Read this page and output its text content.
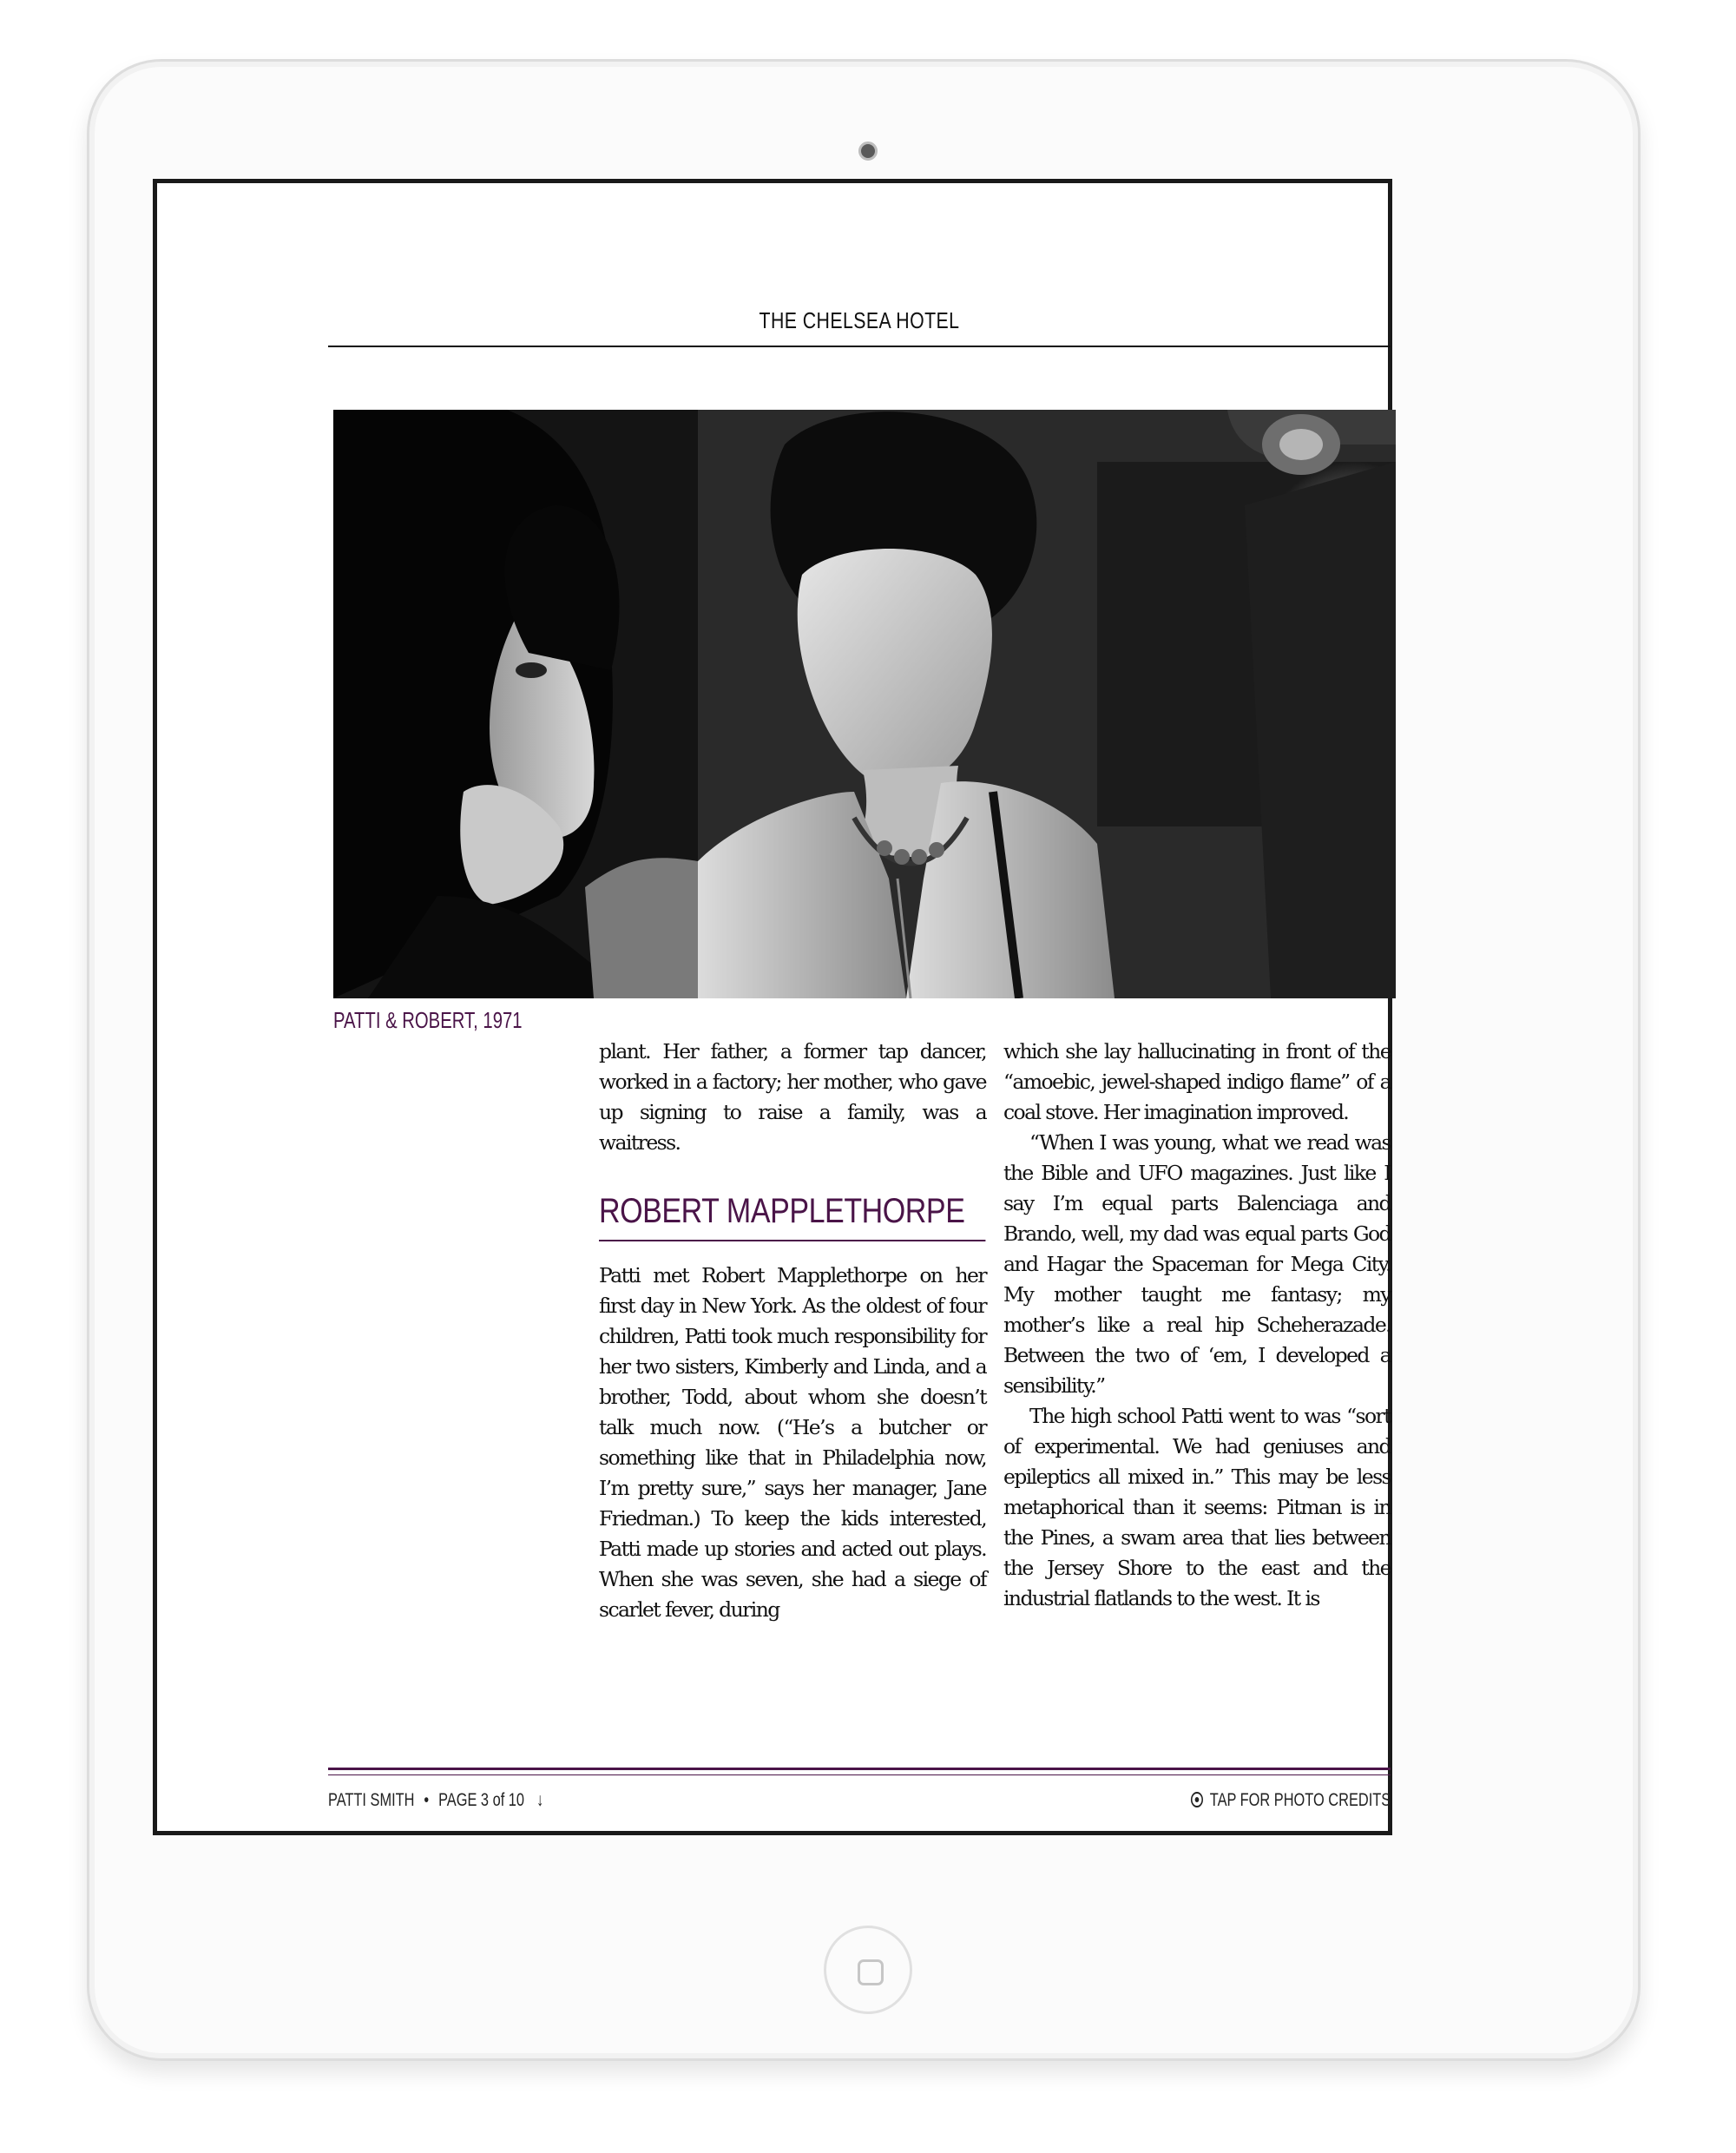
THE CHELSEA HOTEL
PATTI & ROBERT, 1971

plant. Her father, a former tap dancer, worked in a factory; her mother, who gave up signing to raise a family, was a waitress.

ROBERT MAPPLETHORPE

Patti met Robert Mapplethorpe on her first day in New York. As the oldest of four children, Patti took much responsibility for her two sisters, Kimberly and Linda, and a brother, Todd, about whom she doesn’t talk much now. (“He’s a butcher or something like that in Philadelphia now, I’m pretty sure,” says her manager, Jane Friedman.) To keep the kids interested, Patti made up stories and acted out plays. When she was seven, she had a siege of scarlet fever, during

which she lay hallucinating in front of the “amoebic, jewel-shaped indigo flame” of a coal stove. Her imagination improved.

“When I was young, what we read was the Bible and UFO magazines. Just like I say I’m equal parts Balenciaga and Brando, well, my dad was equal parts God and Hagar the Spaceman for Mega City. My mother taught me fantasy; my mother’s like a real hip Scheherazade. Between the two of ‘em, I developed a sensibility.”

The high school Patti went to was “sort of experimental. We had geniuses and epileptics all mixed in.” This may be less metaphorical than it seems: Pitman is in the Pines, a swam area that lies between the Jersey Shore to the east and the industrial flatlands to the west. It is

PATTI SMITH • PAGE 3 of 10 ↓	TAP FOR PHOTO CREDITS
